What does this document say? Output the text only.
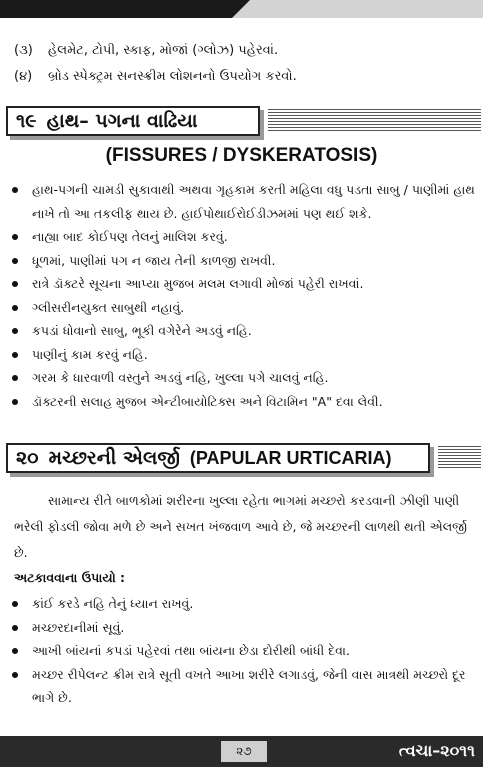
(૩) હેલમેટ, ટોપી, સ્કાફ, મોજાં (ગ્લોઝ) પહેરવાં.
(૪) બ્રોડ સ્પેક્ટ્રમ સનસ્ક્રીમ લોશનનો ઉપયોગ કરવો.
૧૯ હાથ– પગના વાઢિયા
(FISSURES / DYSKERATOSIS)
હાથ-પગની ચામડી સુકાવાથી અથવા ગૃહકામ કરતી મહિલા વધુ પડતા સાબુ / પાણીમાં હાથ નાખે તો આ તકલીફ થાય છે. હાઈપોથાઈરોઈડીઝમમાં પણ થઈ શકે.
નાહ્યા બાદ કોઈપણ તેલનું માલિશ કરવું.
ધૂળમાં, પાણીમાં પગ ન જાય તેની કાળજી રાખવી.
રાત્રે ડૉક્ટરે સૂચના આપ્યા મુજબ મલમ લગાવી મોજાં પહેરી રાખવાં.
ગ્લીસરીનયુક્ત સાબુથી નહાવું.
કપડાં ધોવાનો સાબુ, ભૂકી વગેરેને અડવું નહિ.
પાણીનું કામ કરવું નહિ.
ગરમ કે ધારવાળી વસ્તુને અડવું નહિ, ખુલ્લા પગે ચાલવું નહિ.
ડૉક્ટરની સલાહ મુજબ એન્ટીબાયોટિક્સ અને વિટામિન "A" દવા લેવી.
૨૦ મચ્છરની એલર્જી (PAPULAR URTICARIA)
સામાન્ય રીતે બાળકોમાં શરીરના ખુલ્લા રહેતા ભાગમાં મચ્છરો કરડવાની ઝીણી પાણી ભરેલી ફોડલી જોવા મળે છે અને સખત ખંજવાળ આવે છે, જે મચ્છરની લાળથી થતી એલર્જી છે.
અટકાવવાના ઉપાયો :
કાંઈ કરડે નહિ તેનું ધ્યાન રાખવું.
મચ્છરદાનીમાં સૂવું.
આખી બાંયનાં કપડાં પહેરવાં તથા બાંયના છેડા દોરીથી બાંધી દેવા.
મચ્છર રીપેલન્ટ ક્રીમ રાત્રે સૂતી વખતે આખા શરીરે લગાડવું, જેની વાસ માત્રથી મચ્છરો દૂર ભાગે છે.
૨૭	ત્વચા–૨૦૧૧
